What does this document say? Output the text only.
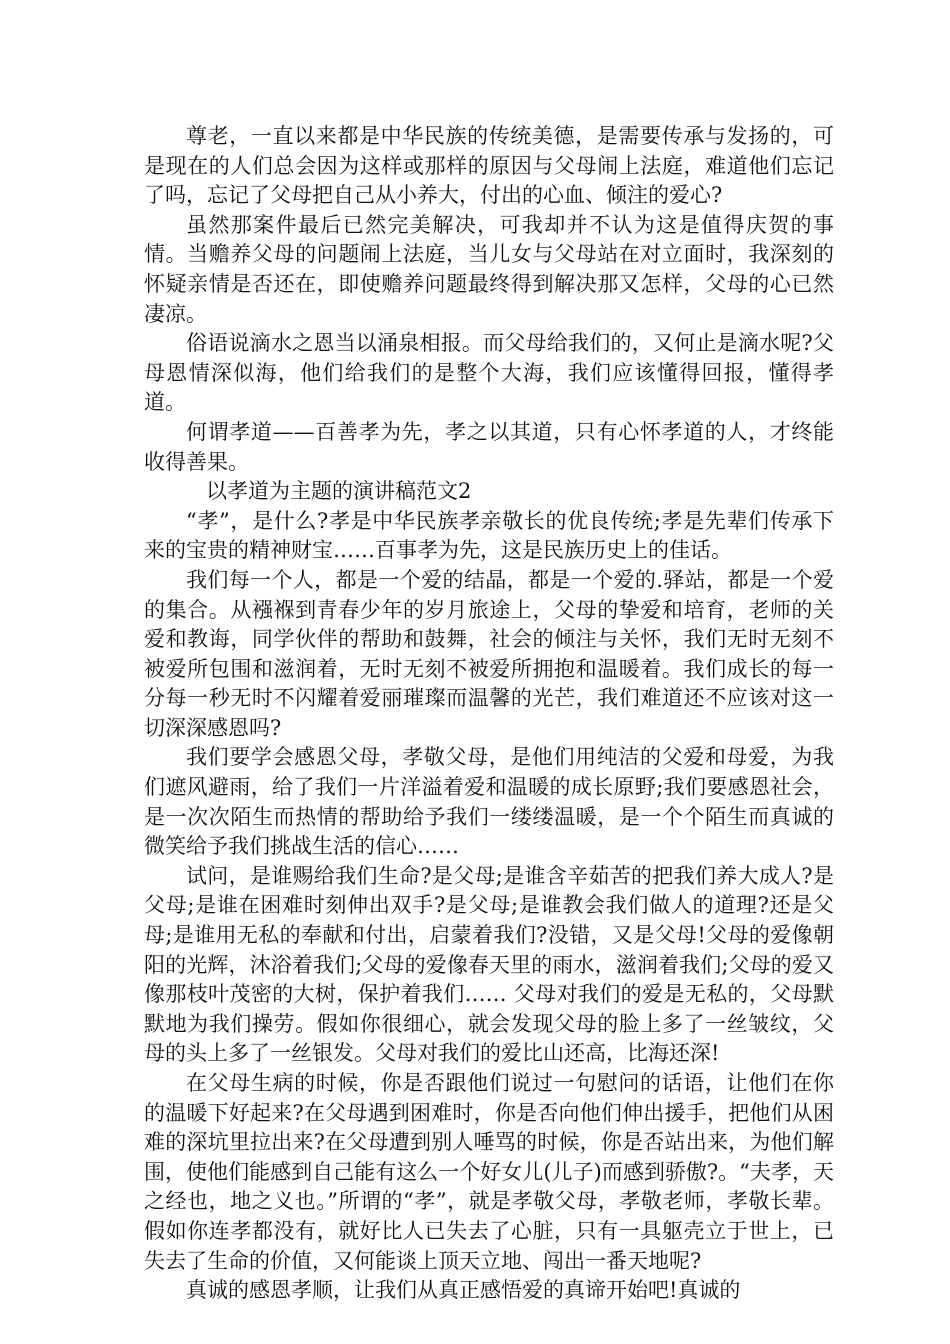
尊老，一直以来都是中华民族的传统美德，是需要传承与发扬的，可是现在的人们总会因为这样或那样的原因与父母闹上法庭，难道他们忘记了吗，忘记了父母把自己从小养大，付出的心血、倾注的爱心?

虽然那案件最后已然完美解决，可我却并不认为这是值得庆贺的事情。当赡养父母的问题闹上法庭，当儿女与父母站在对立面时，我深刻的怀疑亲情是否还在，即使赡养问题最终得到解决那又怎样，父母的心已然凄凉。

俗语说滴水之恩当以涌泉相报。而父母给我们的，又何止是滴水呢?父母恩情深似海，他们给我们的是整个大海，我们应该懂得回报，懂得孝道。

何谓孝道——百善孝为先，孝之以其道，只有心怀孝道的人，才终能收得善果。

以孝道为主题的演讲稿范文2

“孝”，是什么?孝是中华民族孝亲敬长的优良传统;孝是先辈们传承下来的宝贵的精神财宝……百事孝为先，这是民族历史上的佳话。

我们每一个人，都是一个爱的结晶，都是一个爱的.驿站，都是一个爱的集合。从襁褓到青春少年的岁月旅途上，父母的挚爱和培育，老师的关爱和教诲，同学伙伴的帮助和鼓舞，社会的倾注与关怀，我们无时无刻不被爱所包围和滋润着，无时无刻不被爱所拥抱和温暖着。我们成长的每一分每一秒无时不闪耀着爱丽璀璨而温馨的光芒，我们难道还不应该对这一切深深感恩吗?

我们要学会感恩父母，孝敬父母，是他们用纯洁的父爱和母爱，为我们遮风避雨，给了我们一片洋溢着爱和温暖的成长原野;我们要感恩社会，是一次次陌生而热情的帮助给予我们一缕缕温暖，是一个个陌生而真诚的微笑给予我们挑战生活的信心……

试问，是谁赐给我们生命?是父母;是谁含辛茹苦的把我们养大成人?是父母;是谁在困难时刻伸出双手?是父母;是谁教会我们做人的道理?还是父母;是谁用无私的奉献和付出，启蒙着我们?没错，又是父母!父母的爱像朝阳的光辉，沐浴着我们;父母的爱像春天里的雨水，滋润着我们;父母的爱又像那枝叶茂密的大树，保护着我们…… 父母对我们的爱是无私的，父母默默地为我们操劳。假如你很细心，就会发现父母的脸上多了一丝皱纹，父母的头上多了一丝银发。父母对我们的爱比山还高，比海还深!

在父母生病的时候，你是否跟他们说过一句慰问的话语，让他们在你的温暖下好起来?在父母遇到困难时，你是否向他们伸出援手，把他们从困难的深坑里拉出来?在父母遭到别人唾骂的时候，你是否站出来，为他们解围，使他们能感到自己能有这么一个好女儿(儿子)而感到骄傲?。“夫孝，天之经也，地之义也。”所谓的“孝”，就是孝敬父母，孝敬老师，孝敬长辈。假如你连孝都没有，就好比人已失去了心脏，只有一具躯壳立于世上，已失去了生命的价值，又何能谈上顶天立地、闯出一番天地呢?

真诚的感恩孝顺，让我们从真正感悟爱的真谛开始吧!真诚的
